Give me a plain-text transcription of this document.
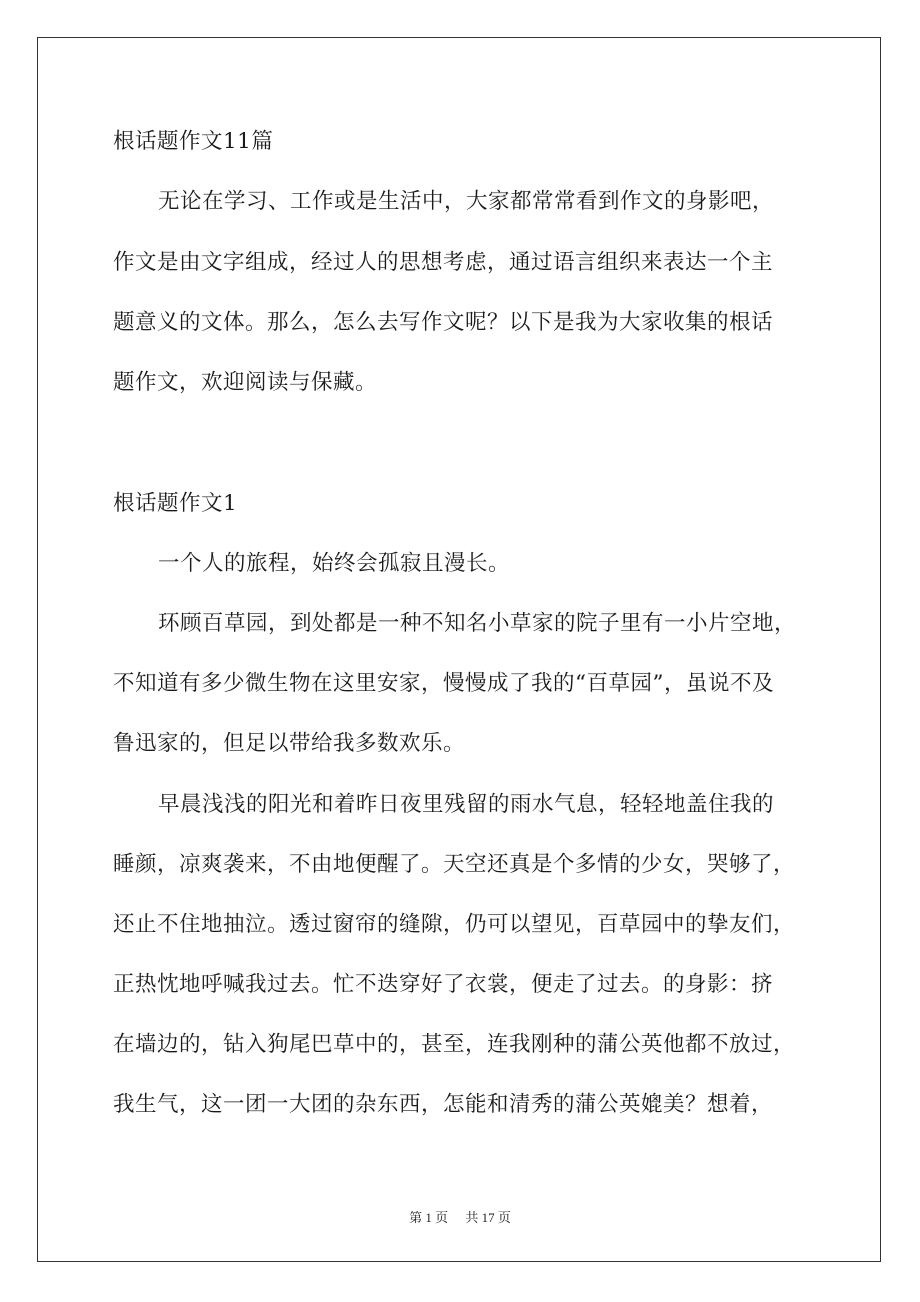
根话题作文11篇
无论在学习、工作或是生活中，大家都常常看到作文的身影吧，
作文是由文字组成，经过人的思想考虑，通过语言组织来表达一个主
题意义的文体。那么，怎么去写作文呢？以下是我为大家收集的根话
题作文，欢迎阅读与保藏。
根话题作文1
一个人的旅程，始终会孤寂且漫长。
环顾百草园，到处都是一种不知名小草家的院子里有一小片空地，
不知道有多少微生物在这里安家，慢慢成了我的“百草园”，虽说不及
鲁迅家的，但足以带给我多数欢乐。
早晨浅浅的阳光和着昨日夜里残留的雨水气息，轻轻地盖住我的
睡颜，凉爽袭来，不由地便醒了。天空还真是个多情的少女，哭够了，
还止不住地抽泣。透过窗帘的缝隙，仍可以望见，百草园中的挚友们，
正热忱地呼喊我过去。忙不迭穿好了衣裳，便走了过去。的身影：挤
在墙边的，钻入狗尾巴草中的，甚至，连我刚种的蒲公英他都不放过，
我生气，这一团一大团的杂东西，怎能和清秀的蒲公英媲美？想着，
第 1 页 共 17 页
